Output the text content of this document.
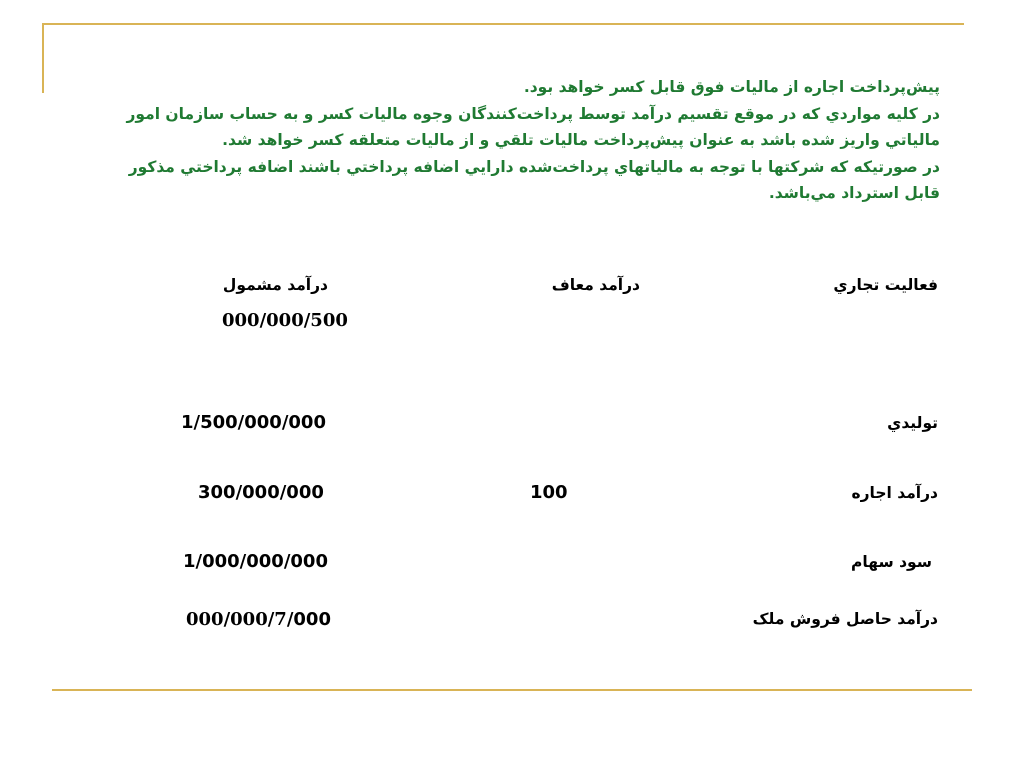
پيش‌پرداخت اجاره از ماليات فوق قابل کسر خواهد بود.

در کليه مواردي که در موقع تقسيم درآمد توسط پرداخت‌کنندگان وجوه ماليات کسر و به حساب سازمان امور مالياتي واريز شده باشد به عنوان پيش‌پرداخت ماليات تلقي و از ماليات متعلقه کسر خواهد شد.

در صورتيکه که شرکتها با توجه به مالياتهاي پرداخت‌شده دارايي اضافه پرداختي باشند اضافه پرداختي مذکور قابل استرداد مي‌باشد.

فعاليت تجاري
درآمد معاف
درآمد مشمول
000/000/500
توليدي
1/500/000/000
درآمد اجاره
100
300/000/000
سود سهام
1/000/000/000
درآمد حاصل فروش ملک
000/000/7/000
